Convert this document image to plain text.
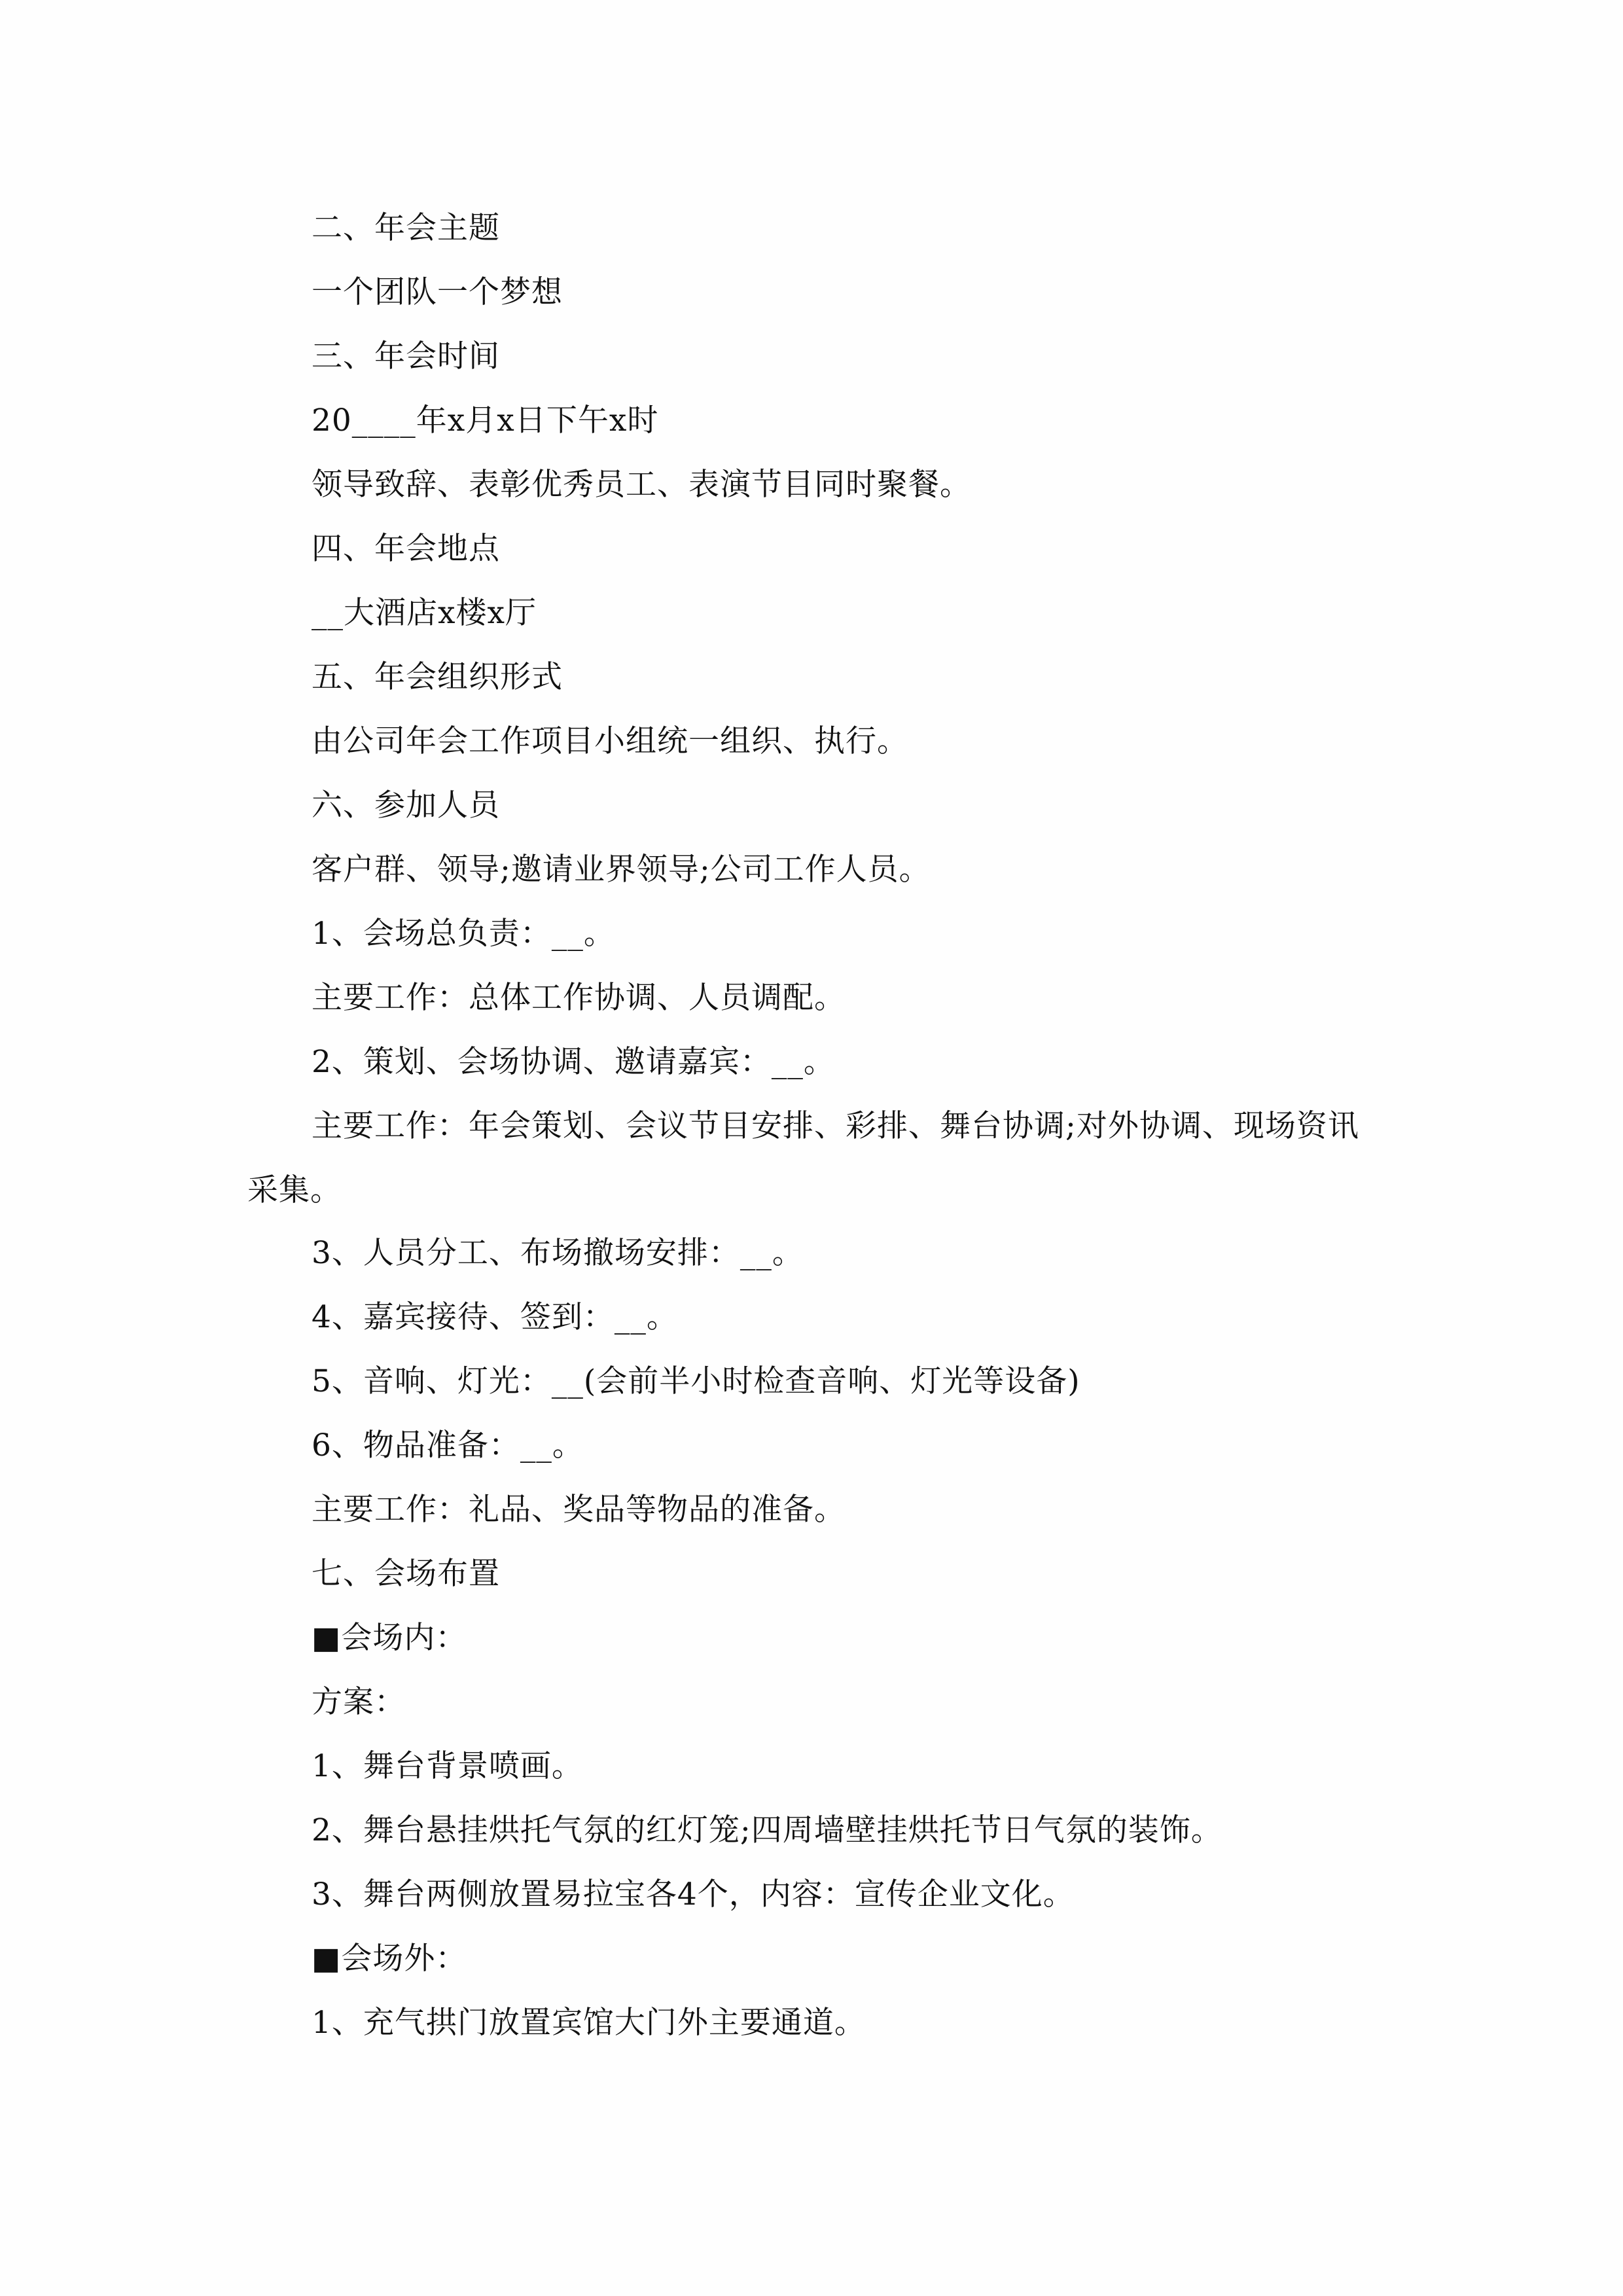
二、年会主题
一个团队一个梦想
三、年会时间
20____年x月x日下午x时
领导致辞、表彰优秀员工、表演节目同时聚餐。
四、年会地点
__大酒店x楼x厅
五、年会组织形式
由公司年会工作项目小组统一组织、执行。
六、参加人员
客户群、领导;邀请业界领导;公司工作人员。
1、会场总负责：__。
主要工作：总体工作协调、人员调配。
2、策划、会场协调、邀请嘉宾：__。
主要工作：年会策划、会议节目安排、彩排、舞台协调;对外协调、现场资讯采集。
3、人员分工、布场撤场安排：__。
4、嘉宾接待、签到：__。
5、音响、灯光：__(会前半小时检查音响、灯光等设备)
6、物品准备：__。
主要工作：礼品、奖品等物品的准备。
七、会场布置
■会场内：
方案：
1、舞台背景喷画。
2、舞台悬挂烘托气氛的红灯笼;四周墙壁挂烘托节日气氛的装饰。
3、舞台两侧放置易拉宝各4个，内容：宣传企业文化。
■会场外：
1、充气拱门放置宾馆大门外主要通道。
